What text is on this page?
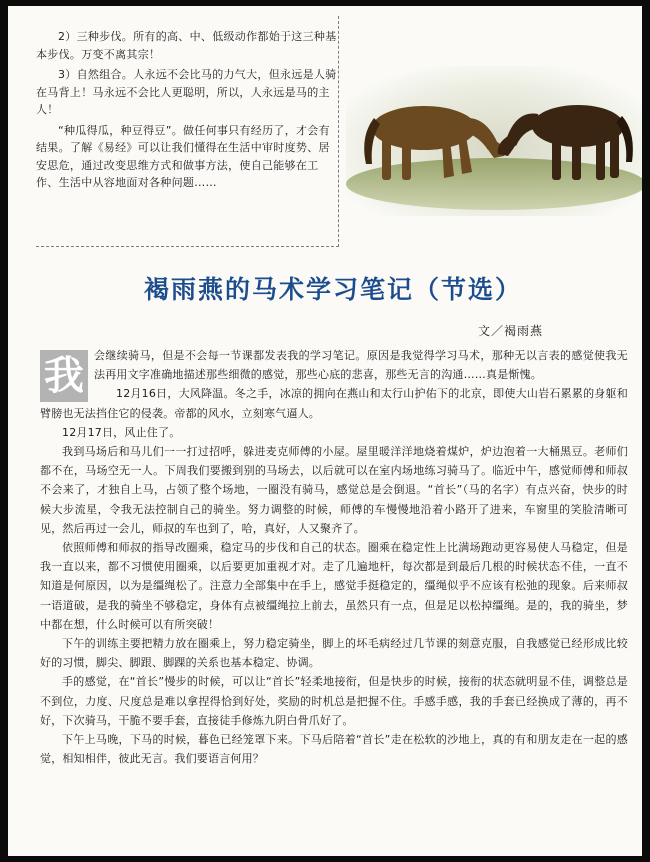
2）三种步伐。所有的高、中、低级动作都始于这三种基本步伐。万变不离其宗！

3）自然组合。人永远不会比马的力气大，但永远是人骑在马背上！马永远不会比人更聪明，所以，人永远是马的主人！

“种瓜得瓜，种豆得豆”。做任何事只有经历了，才会有结果。了解《易经》可以让我们懂得在生活中审时度势、居安思危，通过改变思维方式和做事方法，使自己能够在工作、生活中从容地面对各种问题……

褐雨燕的马术学习笔记（节选）
文／褐雨燕

我 会继续骑马，但是不会每一节课都发表我的学习笔记。原因是我觉得学习马术，那种无以言表的感觉使我无法再用文字准确地描述那些细微的感觉，那些心底的悲喜，那些无言的沟通……真是惭愧。

12月16日，大风降温。冬之手，冰凉的拥向在燕山和太行山护佑下的北京，即使大山岩石累累的身躯和臂膀也无法挡住它的侵袭。帝都的风水，立刻寒气逼人。

12月17日，风止住了。

我到马场后和马儿们一一打过招呼，躲进麦克师傅的小屋。屋里暖洋洋地烧着煤炉，炉边泡着一大桶黑豆。老师们都不在，马场空无一人。下周我们要搬到别的马场去，以后就可以在室内场地练习骑马了。临近中午，感觉师傅和师叔不会来了，才独自上马，占领了整个场地，一圈没有骑马，感觉总是会倒退。“首长”（马的名字）有点兴奋，快步的时候大步流星，令我无法控制自己的骑坐。努力调整的时候，师傅的车慢慢地沿着小路开了进来，车窗里的笑脸清晰可见，然后再过一会儿，师叔的车也到了，哈，真好，人又聚齐了。

依照师傅和师叔的指导改圈乘，稳定马的步伐和自己的状态。圈乘在稳定性上比满场跑动更容易使人马稳定，但是我一直以来，都不习惯使用圈乘，以后要更加重视才对。走了几遍地杆，每次都是到最后几根的时候状态不佳，一直不知道是何原因，以为是缰绳松了。注意力全部集中在手上，感觉手挺稳定的，缰绳似乎不应该有松弛的现象。后来师叔一语道破，是我的骑坐不够稳定，身体有点被缰绳拉上前去，虽然只有一点，但是足以松掉缰绳。是的，我的骑坐，梦中都在想，什么时候可以有所突破！

下午的训练主要把精力放在圈乘上，努力稳定骑坐，脚上的坏毛病经过几节课的刻意克服，自我感觉已经形成比较好的习惯，脚尖、脚跟、脚踝的关系也基本稳定、协调。

手的感觉，在“首长”慢步的时候，可以让“首长”轻柔地接衔，但是快步的时候，接衔的状态就明显不佳，调整总是不到位，力度、尺度总是难以拿捏得恰到好处，奖励的时机总是把握不住。手感手感，我的手套已经换成了薄的，再不好，下次骑马，干脆不要手套，直接徒手修炼九阴白骨爪好了。

下午上马晚，下马的时候，暮色已经笼罩下来。下马后陪着“首长”走在松软的沙地上，真的有和朋友走在一起的感觉，相知相伴，彼此无言。我们要语言何用？
